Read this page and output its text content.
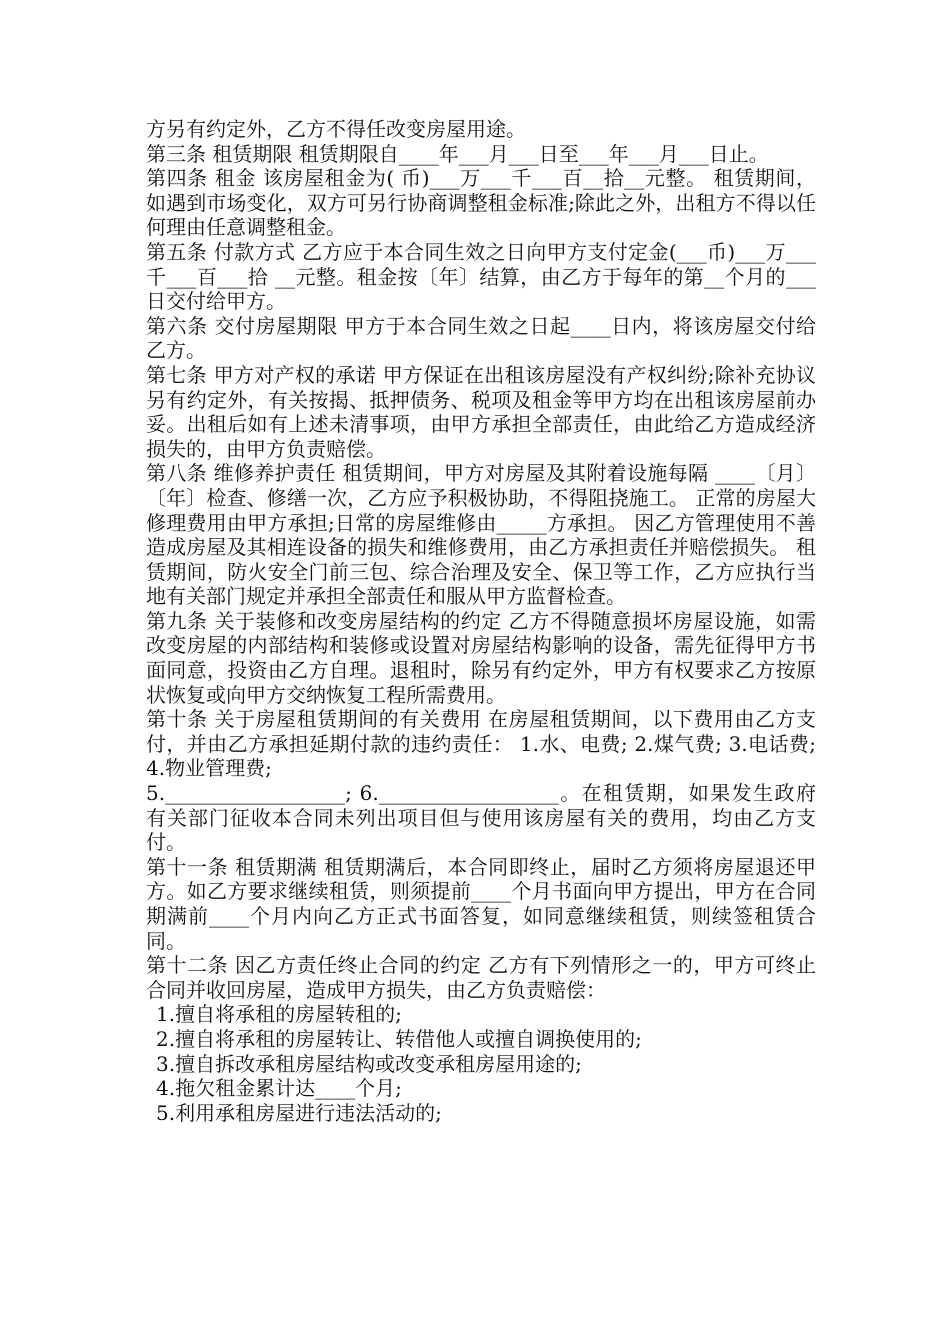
方另有约定外，乙方不得任改变房屋用途。

第三条 租赁期限 租赁期限自____年___月___日至___年___月___日止。

第四条 租金 该房屋租金为( 币)___万___千___百__拾__元整。 租赁期间，如遇到市场变化，双方可另行协商调整租金标准;除此之外，出租方不得以任何理由任意调整租金。

第五条 付款方式 乙方应于本合同生效之日向甲方支付定金(___币)___万___千___百___拾 __元整。租金按〔年〕结算，由乙方于每年的第__个月的___日交付给甲方。

第六条 交付房屋期限 甲方于本合同生效之日起____日内，将该房屋交付给乙方。

第七条 甲方对产权的承诺 甲方保证在出租该房屋没有产权纠纷;除补充协议另有约定外，有关按揭、抵押债务、税项及租金等甲方均在出租该房屋前办妥。出租后如有上述未清事项，由甲方承担全部责任，由此给乙方造成经济损失的，由甲方负责赔偿。

第八条 维修养护责任 租赁期间，甲方对房屋及其附着设施每隔 ____〔月〕〔年〕检查、修缮一次，乙方应予积极协助，不得阻挠施工。 正常的房屋大修理费用由甲方承担;日常的房屋维修由_____方承担。 因乙方管理使用不善造成房屋及其相连设备的损失和维修费用，由乙方承担责任并赔偿损失。 租赁期间，防火安全门前三包、综合治理及安全、保卫等工作，乙方应执行当地有关部门规定并承担全部责任和服从甲方监督检查。

第九条 关于装修和改变房屋结构的约定 乙方不得随意损坏房屋设施，如需改变房屋的内部结构和装修或设置对房屋结构影响的设备，需先征得甲方书面同意，投资由乙方自理。退租时，除另有约定外，甲方有权要求乙方按原状恢复或向甲方交纳恢复工程所需费用。

第十条 关于房屋租赁期间的有关费用 在房屋租赁期间，以下费用由乙方支付，并由乙方承担延期付款的违约责任： 1.水、电费; 2.煤气费; 3.电话费; 4.物业管理费;

5.__________________; 6.__________________。在租赁期，如果发生政府有关部门征收本合同未列出项目但与使用该房屋有关的费用，均由乙方支付。

第十一条 租赁期满 租赁期满后，本合同即终止，届时乙方须将房屋退还甲方。如乙方要求继续租赁，则须提前____个月书面向甲方提出，甲方在合同期满前____个月内向乙方正式书面答复，如同意继续租赁，则续签租赁合同。

第十二条 因乙方责任终止合同的约定 乙方有下列情形之一的，甲方可终止合同并收回房屋，造成甲方损失，由乙方负责赔偿：

1.擅自将承租的房屋转租的;

2.擅自将承租的房屋转让、转借他人或擅自调换使用的;

3.擅自拆改承租房屋结构或改变承租房屋用途的;

4.拖欠租金累计达____个月;

5.利用承租房屋进行违法活动的;
